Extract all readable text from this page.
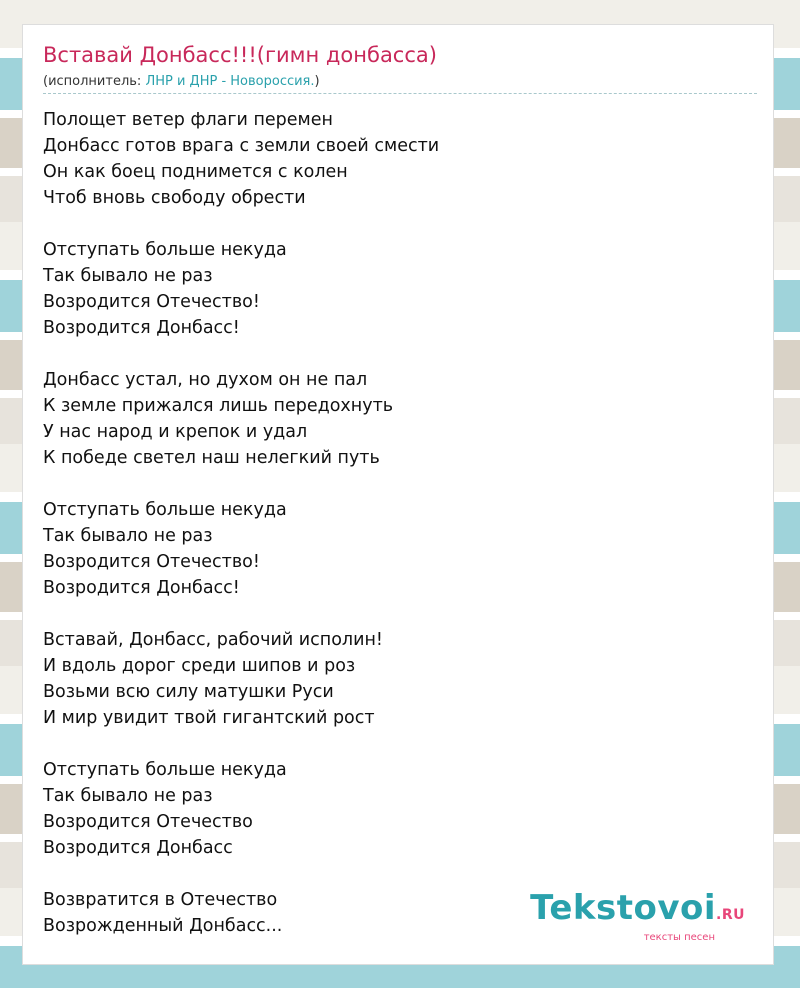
Вставай Донбасс!!!(гимн донбасса)
(исполнитель: ЛНР и ДНР - Новороссия.)
Полощет ветер флаги перемен
Донбасс готов врага с земли своей смести
Он как боец поднимется с колен
Чтоб вновь свободу обрести
Отступать больше некуда
Так бывало не раз
Возродится Отечество!
Возродится Донбасс!
Донбасс устал, но духом он не пал
К земле прижался лишь передохнуть
У нас народ и крепок и удал
К победе светел наш нелегкий путь
Отступать больше некуда
Так бывало не раз
Возродится Отечество!
Возродится Донбасс!
Вставай, Донбасс, рабочий исполин!
И вдоль дорог среди шипов и роз
Возьми всю силу матушки Руси
И мир увидит твой гигантский рост
Отступать больше некуда
Так бывало не раз
Возродится Отечество
Возродится Донбасс
Возвратится в Отечество
Возрожденный Донбасс...	Tekstovoi.RU
тексты песен
